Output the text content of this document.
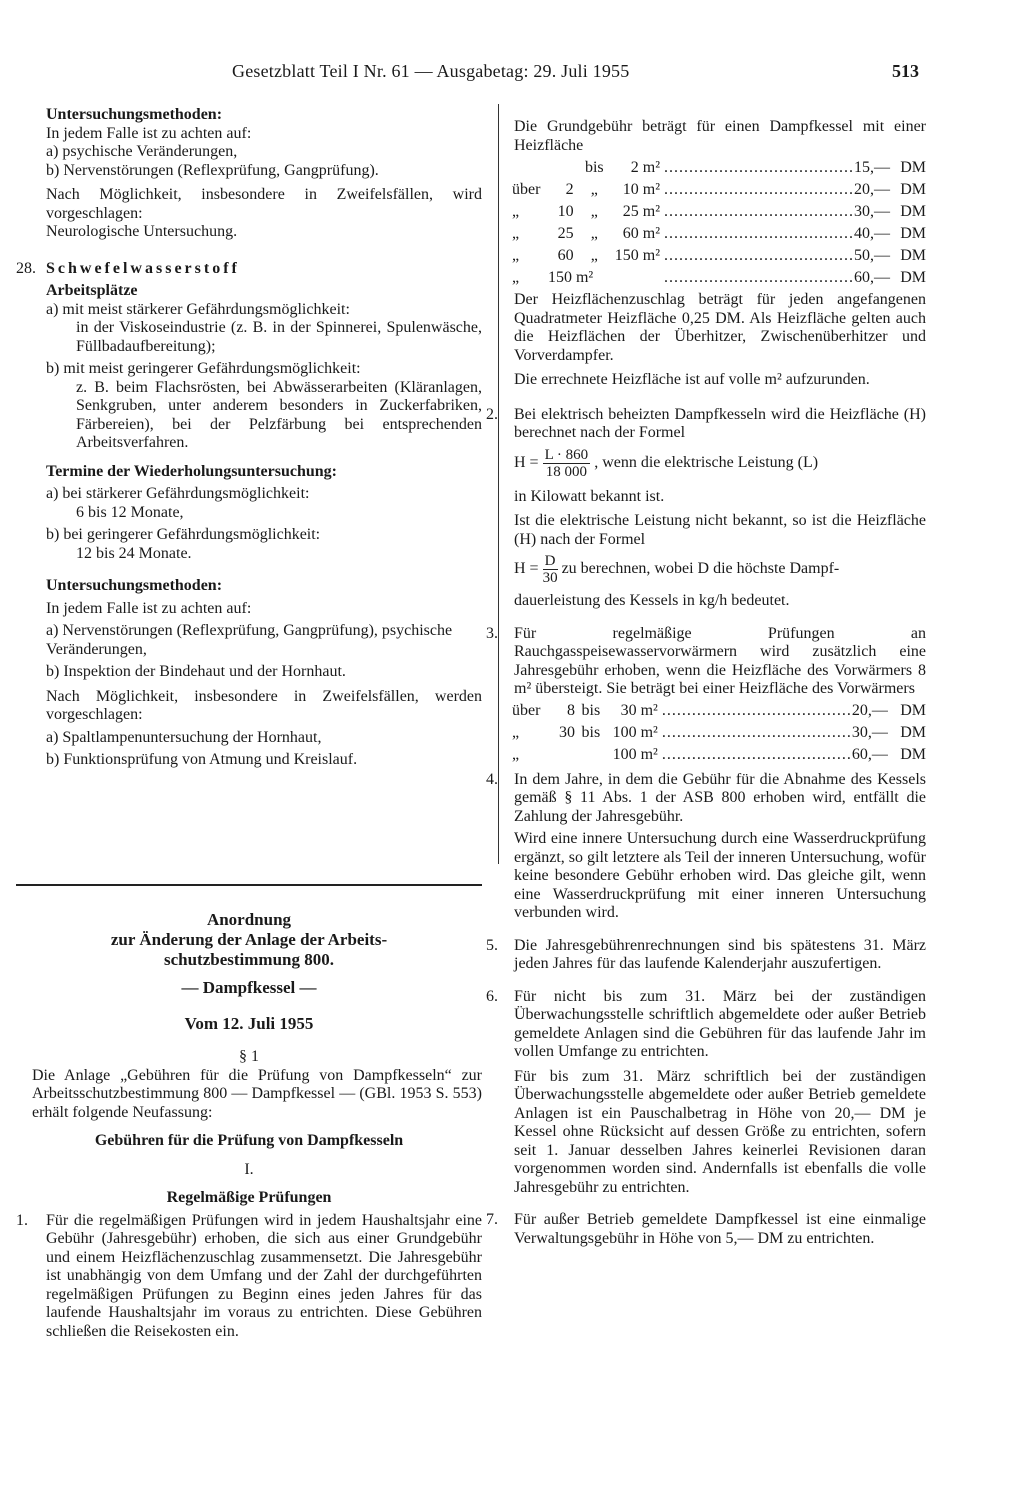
Gesetzblatt Teil I Nr. 61 — Ausgabetag: 29. Juli 1955	513

Untersuchungsmethoden:

In jedem Falle ist zu achten auf:

a) psychische Veränderungen,

b) Nervenstörungen (Reflexprüfung, Gangprüfung).

Nach Möglichkeit, insbesondere in Zweifelsfällen, wird vorgeschlagen:

Neurologische Untersuchung.

28. Schwefelwasserstoff

Arbeitsplätze

a) mit meist stärkerer Gefährdungsmöglichkeit:

in der Viskoseindustrie (z. B. in der Spinnerei, Spulenwäsche, Füllbadaufbereitung);

b) mit meist geringerer Gefährdungsmöglichkeit:

z. B. beim Flachsrösten, bei Abwässerarbeiten (Kläranlagen, Senkgruben, unter anderem besonders in Zuckerfabriken, Färbereien), bei der Pelzfärbung bei entsprechenden Arbeitsverfahren.

Termine der Wiederholungsuntersuchung:

a) bei stärkerer Gefährdungsmöglichkeit:

6 bis 12 Monate,

b) bei geringerer Gefährdungsmöglichkeit:

12 bis 24 Monate.

Untersuchungsmethoden:

In jedem Falle ist zu achten auf:

a) Nervenstörungen (Reflexprüfung, Gangprüfung), psychische Veränderungen,

b) Inspektion der Bindehaut und der Hornhaut.

Nach Möglichkeit, insbesondere in Zweifelsfällen, werden vorgeschlagen:

a) Spaltlampenuntersuchung der Hornhaut,

b) Funktionsprüfung von Atmung und Kreislauf.

Anordnung

zur Änderung der Anlage der Arbeits-

schutzbestimmung 800.

— Dampfkessel —

Vom 12. Juli 1955

§ 1

Die Anlage „Gebühren für die Prüfung von Dampfkesseln“ zur Arbeitsschutzbestimmung 800 — Dampfkessel — (GBl. 1953 S. 553) erhält folgende Neufassung:

Gebühren für die Prüfung von Dampfkesseln

I.

Regelmäßige Prüfungen

1. Für die regelmäßigen Prüfungen wird in jedem Haushaltsjahr eine Gebühr (Jahresgebühr) erhoben, die sich aus einer Grundgebühr und einem Heizflächenzuschlag zusammensetzt. Die Jahresgebühr ist unabhängig von dem Umfang und der Zahl der durchgeführten regelmäßigen Prüfungen zu Beginn eines jeden Jahres für das laufende Haushaltsjahr im voraus zu entrichten. Diese Gebühren schließen die Reisekosten ein.

Die Grundgebühr beträgt für einen Dampfkessel mit einer Heizfläche

		bis	2 m²	.....	15,—	DM
über	2	„	10 m²	.....	20,—	DM
„	10	„	25 m²	.....	30,—	DM
„	25	„	60 m²	.....	40,—	DM
„	60	„	150 m²	.....	50,—	DM
„	150 m²		.....		60,—	DM

Der Heizflächenzuschlag beträgt für jeden angefangenen Quadratmeter Heizfläche 0,25 DM. Als Heizfläche gelten auch die Heizflächen der Überhitzer, Zwischenüberhitzer und Vorverdampfer.

Die errechnete Heizfläche ist auf volle m² aufzurunden.

2. Bei elektrisch beheizten Dampfkesseln wird die Heizfläche (H) berechnet nach der Formel

$H = \frac{L \cdot 860}{18 000}$ , wenn die elektrische Leistung (L)

in Kilowatt bekannt ist.

Ist die elektrische Leistung nicht bekannt, so ist die Heizfläche (H) nach der Formel

$H = \frac{D}{30}$ zu berechnen, wobei D die höchste Dampf-

dauerleistung des Kessels in kg/h bedeutet.

3. Für regelmäßige Prüfungen an Rauchgasspeisewasservorwärmern wird zusätzlich eine Jahresgebühr erhoben, wenn die Heizfläche des Vorwärmers 8 m² übersteigt. Sie beträgt bei einer Heizfläche des Vorwärmers

über	8	bis	30 m²	.....	20,—	DM
„	30	bis	100 m²	.....	30,—	DM
„			100 m²	.....	60,—	DM
4. In dem Jahre, in dem die Gebühr für die Abnahme des Kessels gemäß § 11 Abs. 1 der ASB 800 erhoben wird, entfällt die Zahlung der Jahresgebühr.

Wird eine innere Untersuchung durch eine Wasserdruckprüfung ergänzt, so gilt letztere als Teil der inneren Untersuchung, wofür keine besondere Gebühr erhoben wird. Das gleiche gilt, wenn eine Wasserdruckprüfung mit einer inneren Untersuchung verbunden wird.

5. Die Jahresgebührenrechnungen sind bis spätestens 31. März jeden Jahres für das laufende Kalenderjahr auszufertigen.

6. Für nicht bis zum 31. März bei der zuständigen Überwachungsstelle schriftlich abgemeldete oder außer Betrieb gemeldete Anlagen sind die Gebühren für das laufende Jahr im vollen Umfange zu entrichten.

Für bis zum 31. März schriftlich bei der zuständigen Überwachungsstelle abgemeldete oder außer Betrieb gemeldete Anlagen ist ein Pauschalbetrag in Höhe von 20,— DM je Kessel ohne Rücksicht auf dessen Größe zu entrichten, sofern seit 1. Januar desselben Jahres keinerlei Revisionen daran vorgenommen worden sind. Andernfalls ist ebenfalls die volle Jahresgebühr zu entrichten.

7. Für außer Betrieb gemeldete Dampfkessel ist eine einmalige Verwaltungsgebühr in Höhe von 5,— DM zu entrichten.
